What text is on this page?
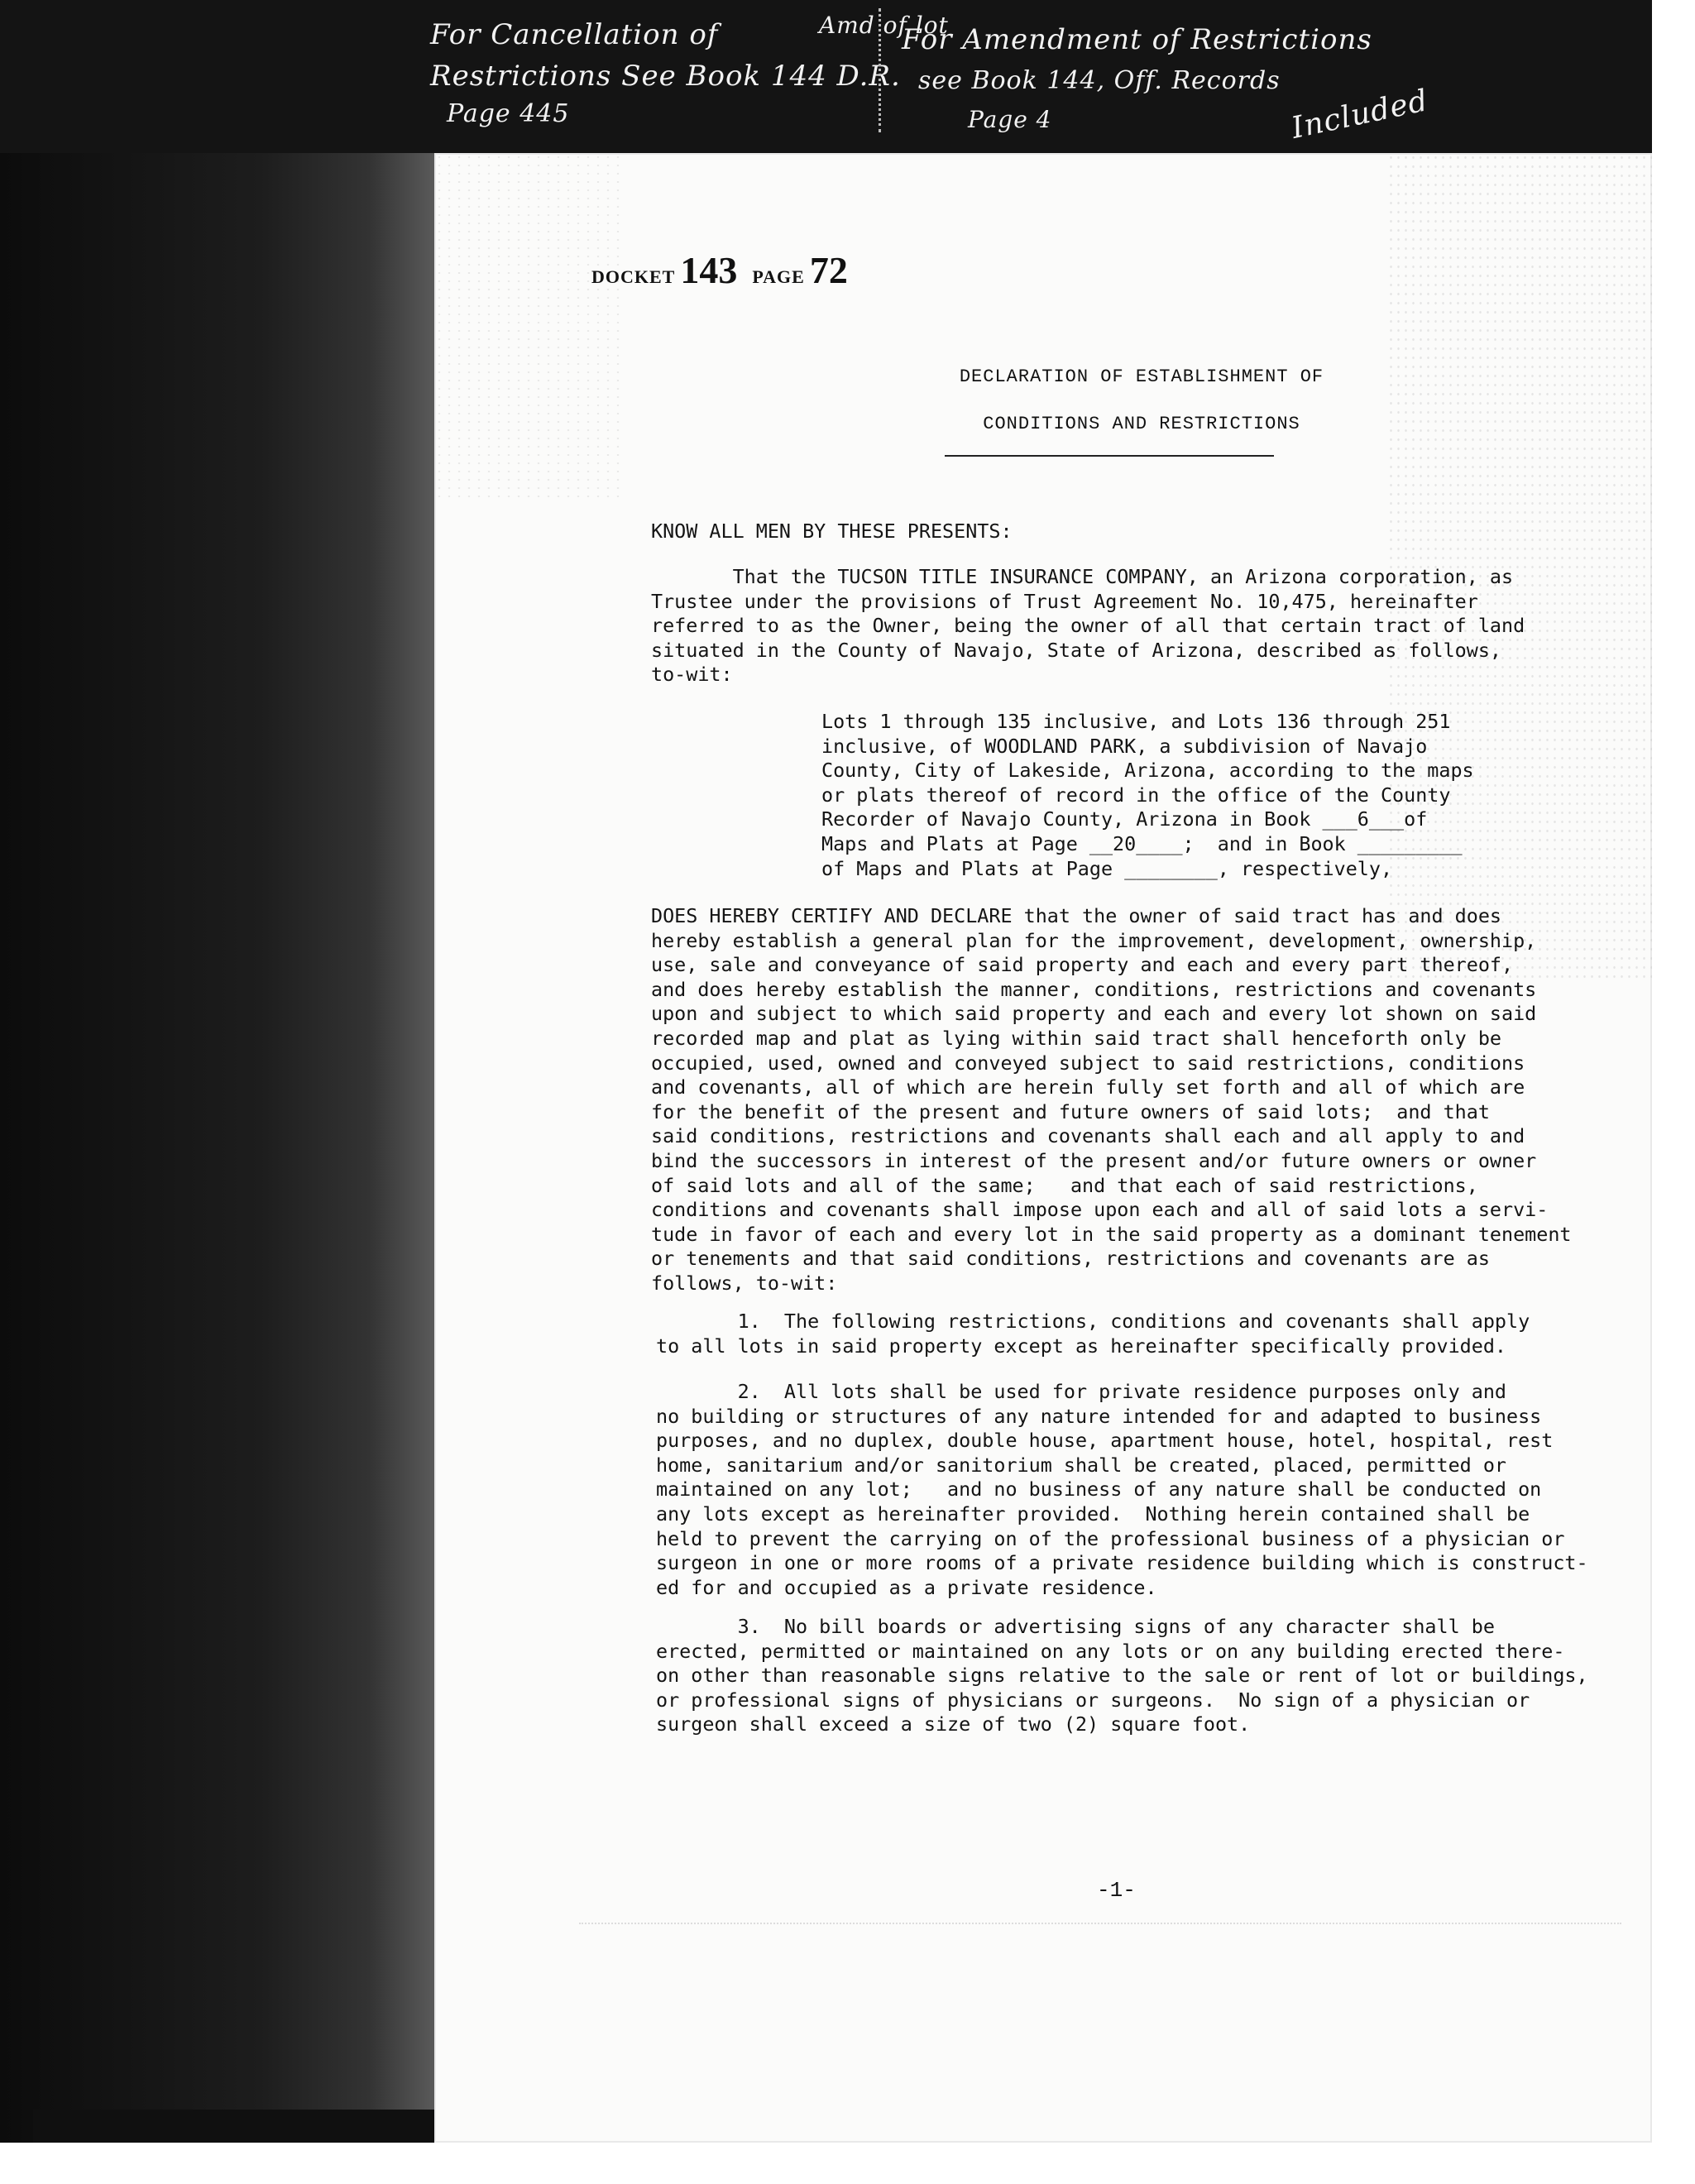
For Cancellation of
Restrictions See Book 144 D.R.
Page 445
Amd of lot
For Amendment of Restrictions
see Book 144, Off. Records
Page 4	Included
DOCKET 143 PAGE 72
DECLARATION OF ESTABLISHMENT OF
CONDITIONS AND RESTRICTIONS
KNOW ALL MEN BY THESE PRESENTS:
That the TUCSON TITLE INSURANCE COMPANY, an Arizona corporation, as
Trustee under the provisions of Trust Agreement No. 10,475, hereinafter
referred to as the Owner, being the owner of all that certain tract of land
situated in the County of Navajo, State of Arizona, described as follows,
to-wit:
Lots 1 through 135 inclusive, and Lots 136 through 251
inclusive, of WOODLAND PARK, a subdivision of Navajo
County, City of Lakeside, Arizona, according to the maps
or plats thereof of record in the office of the County
Recorder of Navajo County, Arizona in Book ___6___of
Maps and Plats at Page __20____;  and in Book _________
of Maps and Plats at Page ________, respectively,
DOES HEREBY CERTIFY AND DECLARE that the owner of said tract has and does
hereby establish a general plan for the improvement, development, ownership,
use, sale and conveyance of said property and each and every part thereof,
and does hereby establish the manner, conditions, restrictions and covenants
upon and subject to which said property and each and every lot shown on said
recorded map and plat as lying within said tract shall henceforth only be
occupied, used, owned and conveyed subject to said restrictions, conditions
and covenants, all of which are herein fully set forth and all of which are
for the benefit of the present and future owners of said lots;  and that
said conditions, restrictions and covenants shall each and all apply to and
bind the successors in interest of the present and/or future owners or owner
of said lots and all of the same;   and that each of said restrictions,
conditions and covenants shall impose upon each and all of said lots a servi-
tude in favor of each and every lot in the said property as a dominant tenement
or tenements and that said conditions, restrictions and covenants are as
follows, to-wit:
1.  The following restrictions, conditions and covenants shall apply
to all lots in said property except as hereinafter specifically provided.
2.  All lots shall be used for private residence purposes only and
no building or structures of any nature intended for and adapted to business
purposes, and no duplex, double house, apartment house, hotel, hospital, rest
home, sanitarium and/or sanitorium shall be created, placed, permitted or
maintained on any lot;   and no business of any nature shall be conducted on
any lots except as hereinafter provided.  Nothing herein contained shall be
held to prevent the carrying on of the professional business of a physician or
surgeon in one or more rooms of a private residence building which is construct-
ed for and occupied as a private residence.
3.  No bill boards or advertising signs of any character shall be
erected, permitted or maintained on any lots or on any building erected there-
on other than reasonable signs relative to the sale or rent of lot or buildings,
or professional signs of physicians or surgeons.  No sign of a physician or
surgeon shall exceed a size of two (2) square foot.
-1-
